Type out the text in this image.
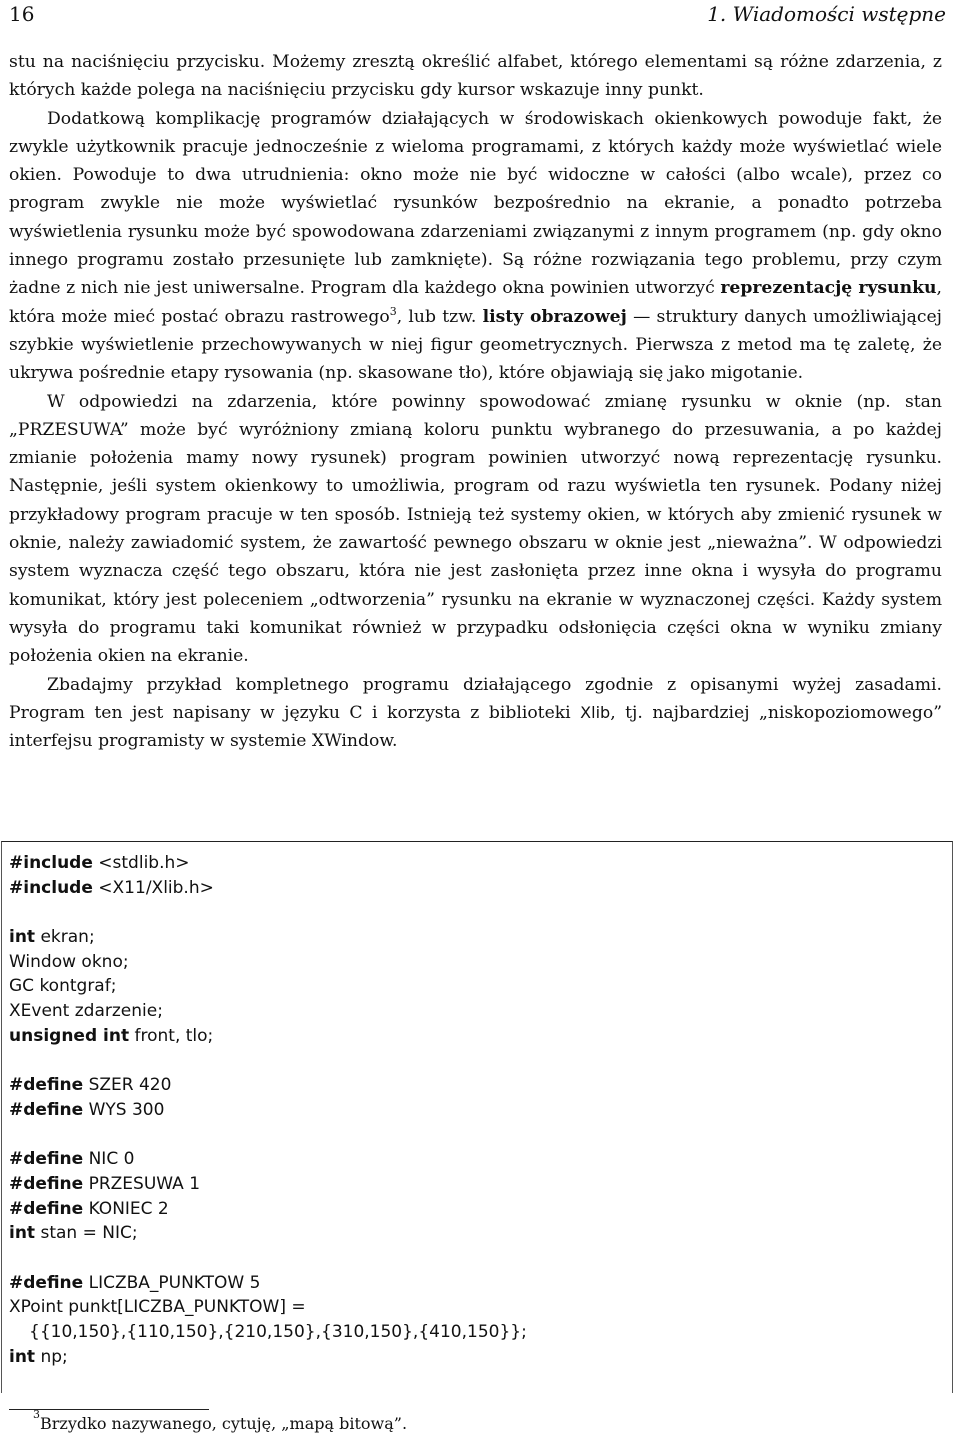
16	1. Wiadomości wstępne

stu na naciśnięciu przycisku. Możemy zresztą określić alfabet, którego elementami są różne zdarzenia, z których każde polega na naciśnięciu przycisku gdy kursor wskazuje inny punkt.

Dodatkową komplikację programów działających w środowiskach okienkowych powoduje fakt, że zwykle użytkownik pracuje jednocześnie z wieloma programami, z których każdy może wyświetlać wiele okien. Powoduje to dwa utrudnienia: okno może nie być widoczne w całości (albo wcale), przez co program zwykle nie może wyświetlać rysunków bezpośrednio na ekranie, a ponadto potrzeba wyświetlenia rysunku może być spowodowana zdarzeniami związanymi z innym programem (np. gdy okno innego programu zostało przesunięte lub zamknięte). Są różne rozwiązania tego problemu, przy czym żadne z nich nie jest uniwersalne. Program dla każdego okna powinien utworzyć reprezentację rysunku, która może mieć postać obrazu rastrowego$^3$, lub tzw. listy obrazowej — struktury danych umożliwiającej szybkie wyświetlenie przechowywanych w niej figur geometrycznych. Pierwsza z metod ma tę zaletę, że ukrywa pośrednie etapy rysowania (np. skasowane tło), które objawiają się jako migotanie.

W odpowiedzi na zdarzenia, które powinny spowodować zmianę rysunku w oknie (np. stan „PRZESUWA” może być wyróżniony zmianą koloru punktu wybranego do przesuwania, a po każdej zmianie położenia mamy nowy rysunek) program powinien utworzyć nową reprezentację rysunku. Następnie, jeśli system okienkowy to umożliwia, program od razu wyświetla ten rysunek. Podany niżej przykładowy program pracuje w ten sposób. Istnieją też systemy okien, w których aby zmienić rysunek w oknie, należy zawiadomić system, że zawartość pewnego obszaru w oknie jest „nieważna”. W odpowiedzi system wyznacza część tego obszaru, która nie jest zasłonięta przez inne okna i wysyła do programu komunikat, który jest poleceniem „odtworzenia” rysunku na ekranie w wyznaczonej części. Każdy system wysyła do programu taki komunikat również w przypadku odsłonięcia części okna w wyniku zmiany położenia okien na ekranie.

Zbadajmy przykład kompletnego programu działającego zgodnie z opisanymi wyżej zasadami. Program ten jest napisany w języku C i korzysta z biblioteki Xlib, tj. najbardziej „niskopoziomowego” interfejsu programisty w systemie XWindow.

#include <stdlib.h>
#include <X11/Xlib.h>
int ekran;
Window okno;
GC kontgraf;
XEvent zdarzenie;
unsigned int front, tlo;
#define SZER 420
#define WYS 300
#define NIC 0
#define PRZESUWA 1
#define KONIEC 2
int stan = NIC;
#define LICZBA_PUNKTOW 5
XPoint punkt[LICZBA_PUNKTOW] =
{{10,150},{110,150},{210,150},{310,150},{410,150}};
int np;
3 Brzydko nazywanego, cytuję, „mapą bitową”.
